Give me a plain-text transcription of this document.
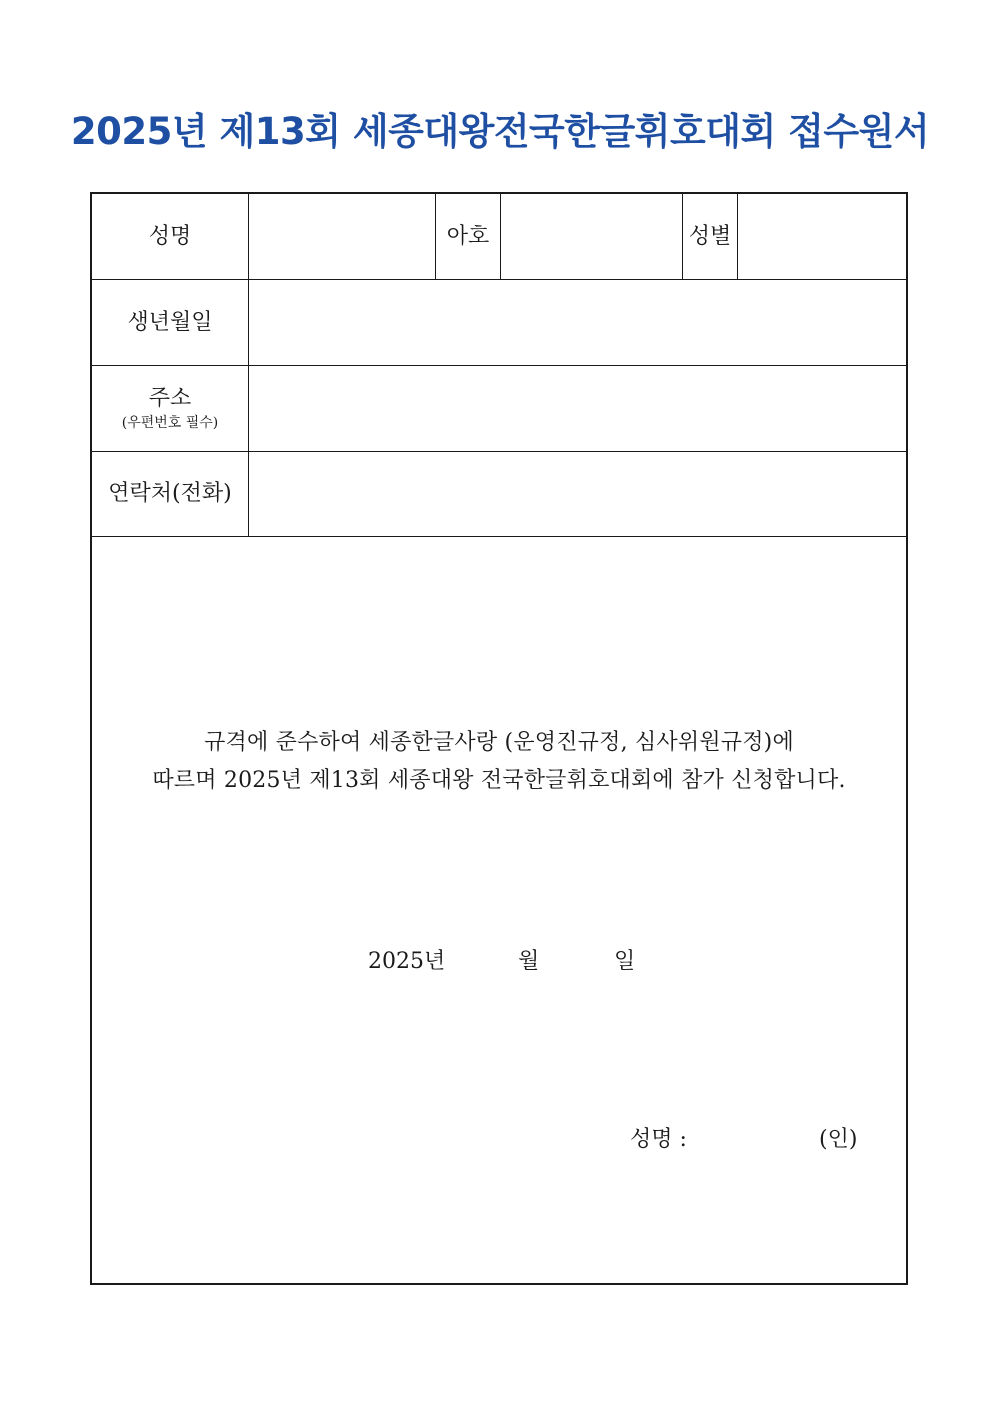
2025년 제13회 세종대왕전국한글휘호대회 접수원서
성명	아호	성별
생년월일
주소
(우편번호 필수)
연락처(전화)
규격에 준수하여 세종한글사랑 (운영진규정, 심사위원규정)에
따르며 2025년 제13회 세종대왕 전국한글휘호대회에 참가 신청합니다.
2025년	월	일
성명 :	(인)
